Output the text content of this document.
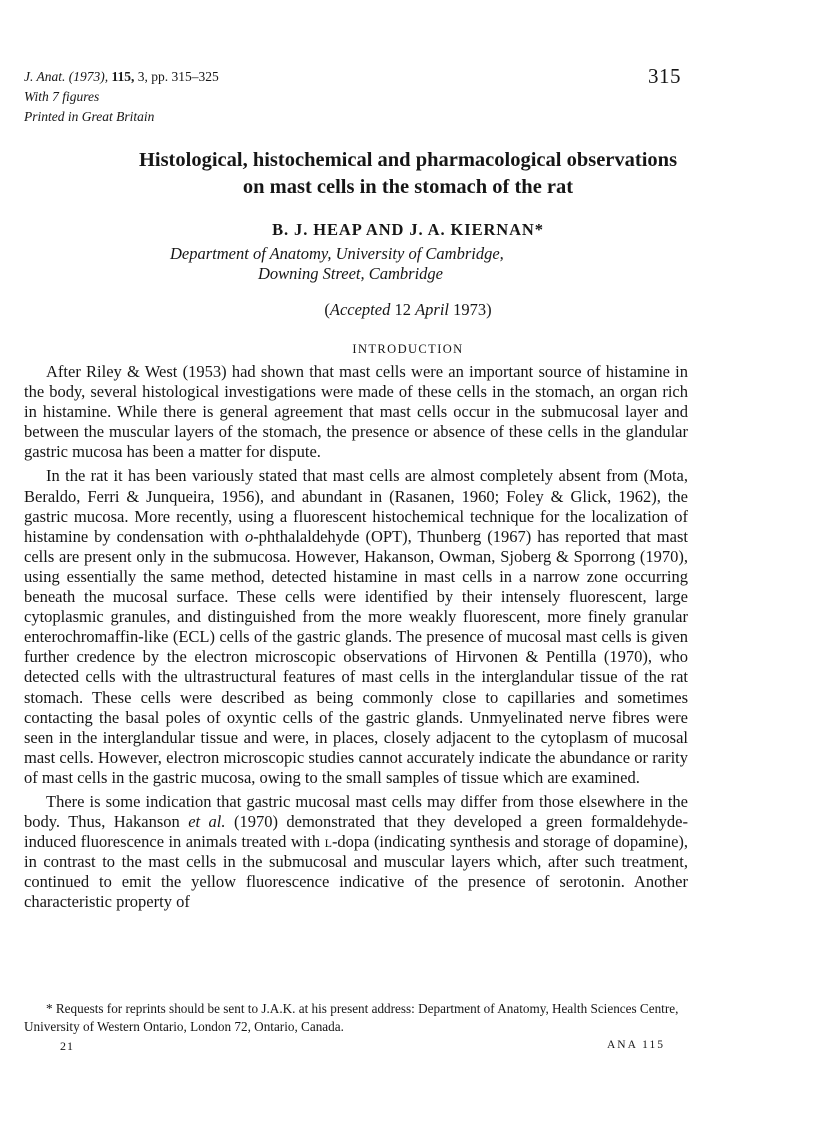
J. Anat. (1973), 115, 3, pp. 315–325
With 7 figures
Printed in Great Britain
315
Histological, histochemical and pharmacological observations
on mast cells in the stomach of the rat
B. J. HEAP AND J. A. KIERNAN*
Department of Anatomy, University of Cambridge,
Downing Street, Cambridge
(Accepted 12 April 1973)
INTRODUCTION

After Riley & West (1953) had shown that mast cells were an important source of histamine in the body, several histological investigations were made of these cells in the stomach, an organ rich in histamine. While there is general agreement that mast cells occur in the submucosal layer and between the muscular layers of the stomach, the presence or absence of these cells in the glandular gastric mucosa has been a matter for dispute.

In the rat it has been variously stated that mast cells are almost completely absent from (Mota, Beraldo, Ferri & Junqueira, 1956), and abundant in (Rasanen, 1960; Foley & Glick, 1962), the gastric mucosa. More recently, using a fluorescent histochemical technique for the localization of histamine by condensation with o-phthalaldehyde (OPT), Thunberg (1967) has reported that mast cells are present only in the submucosa. However, Hakanson, Owman, Sjoberg & Sporrong (1970), using essentially the same method, detected histamine in mast cells in a narrow zone occurring beneath the mucosal surface. These cells were identified by their intensely fluorescent, large cytoplasmic granules, and distinguished from the more weakly fluorescent, more finely granular enterochromaffin-like (ECL) cells of the gastric glands. The presence of mucosal mast cells is given further credence by the electron microscopic observations of Hirvonen & Pentilla (1970), who detected cells with the ultrastructural features of mast cells in the interglandular tissue of the rat stomach. These cells were described as being commonly close to capillaries and sometimes contacting the basal poles of oxyntic cells of the gastric glands. Unmyelinated nerve fibres were seen in the interglandular tissue and were, in places, closely adjacent to the cytoplasm of mucosal mast cells. However, electron microscopic studies cannot accurately indicate the abundance or rarity of mast cells in the gastric mucosa, owing to the small samples of tissue which are examined.

There is some indication that gastric mucosal mast cells may differ from those elsewhere in the body. Thus, Hakanson et al. (1970) demonstrated that they developed a green formaldehyde-induced fluorescence in animals treated with l-dopa (indicating synthesis and storage of dopamine), in contrast to the mast cells in the submucosal and muscular layers which, after such treatment, continued to emit the yellow fluorescence indicative of the presence of serotonin. Another characteristic property of

* Requests for reprints should be sent to J.A.K. at his present address: Department of Anatomy, Health Sciences Centre, University of Western Ontario, London 72, Ontario, Canada.

21	ANA 115
